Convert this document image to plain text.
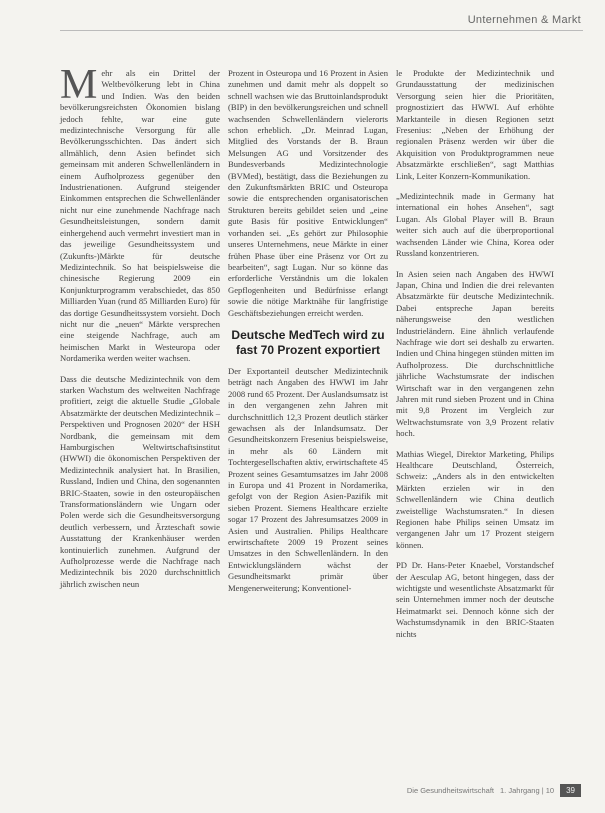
Unternehmen & Markt

Mehr als ein Drittel der Weltbevölkerung lebt in China und Indien. Was den beiden bevölkerungsreichsten Ökonomien bislang jedoch fehlte, war eine gute medizintechnische Versorgung für alle Bevölkerungsschichten. Das ändert sich allmählich, denn Asien befindet sich gemeinsam mit anderen Schwellenländern in einem Aufholprozess gegenüber den Industrienationen. Aufgrund steigender Einkommen entsprechen die Schwellenländer nicht nur eine zunehmende Nachfrage nach Gesundheitsleistungen, sondern damit einhergehend auch vermehrt investiert man in das jeweilige Gesundheitssystem und (Zukunfts-)Märkte für deutsche Medizintechnik. So hat beispielsweise die chinesische Regierung 2009 ein Konjunkturprogramm verabschiedet, das 850 Milliarden Yuan (rund 85 Milliarden Euro) für das dortige Gesundheitssystem vorsieht. Doch nicht nur die „neuen“ Märkte versprechen eine steigende Nachfrage, auch am heimischen Markt in Westeuropa oder Nordamerika werden weiter wachsen.

Dass die deutsche Medizintechnik von dem starken Wachstum des weltweiten Nachfrage profitiert, zeigt die aktuelle Studie „Globale Absatzmärkte der deutschen Medizintechnik – Perspektiven und Prognosen 2020“ der HSH Nordbank, die gemeinsam mit dem Hamburgischen Weltwirtschaftsinstitut (HWWI) die ökonomischen Perspektiven der Medizintechnik analysiert hat. In Brasilien, Russland, Indien und China, den sogenannten BRIC-Staaten, sowie in den osteuropäischen Transformationsländern wie Ungarn oder Polen werde sich die Gesundheitsversorgung deutlich verbessern, und Ärzteschaft sowie Ausstattung der Krankenhäuser werden kontinuierlich zunehmen. Aufgrund der Aufholprozesse werde die Nachfrage nach Medizintechnik bis 2020 durchschnittlich jährlich zwischen neun

Prozent in Osteuropa und 16 Prozent in Asien zunehmen und damit mehr als doppelt so schnell wachsen wie das Bruttoinlandsprodukt (BIP) in den bevölkerungsreichen und schnell wachsenden Schwellenländern vielerorts schon erheblich. „Dr. Meinrad Lugan, Mitglied des Vorstands der B. Braun Melsungen AG und Vorsitzender des Bundesverbands Medizintechnologie (BVMed), bestätigt, dass die Beziehungen zu den Zukunftsmärkten BRIC und Osteuropa sowie die entsprechenden organisatorischen Strukturen bereits gebildet seien und „eine gute Basis für positive Entwicklungen“ vorhanden sei. „Es gehört zur Philosophie unseres Unternehmens, neue Märkte in einer frühen Phase über eine Präsenz vor Ort zu bearbeiten“, sagt Lugan. Nur so könne das erforderliche Verständnis um die lokalen Gepflogenheiten und Bedürfnisse erlangt sowie die nötige Marktnähe für langfristige Geschäftsbeziehungen erreicht werden.

Deutsche MedTech wird zu fast 70 Prozent exportiert

Der Exportanteil deutscher Medizintechnik beträgt nach Angaben des HWWI im Jahr 2008 rund 65 Prozent. Der Auslandsumsatz ist in den vergangenen zehn Jahren mit durchschnittlich 12,3 Prozent deutlich stärker gewachsen als der Inlandsumsatz. Der Gesundheitskonzern Fresenius beispielsweise, in mehr als 60 Ländern mit Tochtergesellschaften aktiv, erwirtschaftete 45 Prozent seines Gesamtumsatzes im Jahr 2008 in Europa und 41 Prozent in Nordamerika, gefolgt von der Region Asien-Pazifik mit sieben Prozent. Siemens Healthcare erzielte sogar 17 Prozent des Jahresumsatzes 2009 in Asien und Australien. Philips Healthcare erwirtschaftete 2009 19 Prozent seines Umsatzes in den Schwellenländern. In den Entwicklungsländern wächst der Gesundheitsmarkt primär über Mengenerweiterung; Konventionel-

le Produkte der Medizintechnik und Grundausstattung der medizinischen Versorgung seien hier die Prioritäten, prognostiziert das HWWI. Auf erhöhte Marktanteile in diesen Regionen setzt Fresenius: „Neben der Erhöhung der regionalen Präsenz werden wir über die Akquisition von Produktprogrammen neue Absatzmärkte erschließen“, sagt Matthias Link, Leiter Konzern-Kommunikation.

„Medizintechnik made in Germany hat international ein hohes Ansehen“, sagt Lugan. Als Global Player will B. Braun weiter sich auch auf die überproportional wachsenden Länder wie China, Korea oder Russland konzentrieren.

In Asien seien nach Angaben des HWWI Japan, China und Indien die drei relevanten Absatzmärkte für deutsche Medizintechnik. Dabei entspreche Japan bereits näherungsweise den westlichen Industrieländern. Eine ähnlich verlaufende Nachfrage wie dort sei deshalb zu erwarten. Indien und China hingegen stünden mitten im Aufholprozess. Die durchschnittliche jährliche Wachstumsrate der indischen Wirtschaft war in den vergangenen zehn Jahren mit rund sieben Prozent und in China mit 9,8 Prozent im Vergleich zur Weltwachstumsrate von 3,9 Prozent relativ hoch.

Mathias Wiegel, Direktor Marketing, Philips Healthcare Deutschland, Österreich, Schweiz: „Anders als in den entwickelten Märkten erzielen wir in den Schwellenländern wie China deutlich zweistellige Wachstumsraten.“ In diesen Regionen habe Philips seinen Umsatz im vergangenen Jahr um 17 Prozent steigern können.

PD Dr. Hans-Peter Knaebel, Vorstandschef der Aesculap AG, betont hingegen, dass der wichtigste und wesentlichste Absatzmarkt für sein Unternehmen immer noch der deutsche Heimatmarkt sei. Dennoch könne sich der Wachstumsdynamik in den BRIC-Staaten nichts

Die Gesundheitswirtschaft 1. Jahrgang | 10	39
